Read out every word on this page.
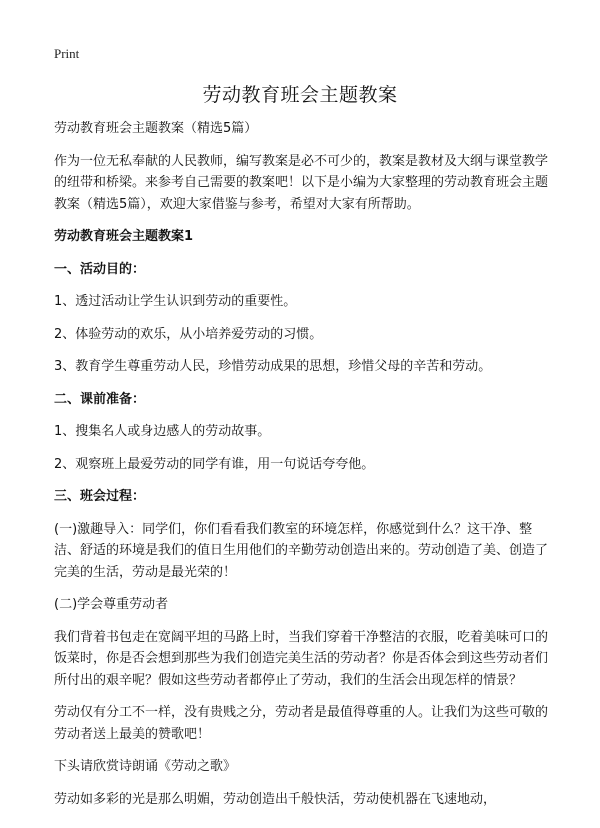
Print
劳动教育班会主题教案

劳动教育班会主题教案（精选5篇）

作为一位无私奉献的人民教师，编写教案是必不可少的，教案是教材及大纲与课堂教学的纽带和桥梁。来参考自己需要的教案吧！以下是小编为大家整理的劳动教育班会主题教案（精选5篇），欢迎大家借鉴与参考，希望对大家有所帮助。

劳动教育班会主题教案1

一、活动目的：

1、透过活动让学生认识到劳动的重要性。

2、体验劳动的欢乐，从小培养爱劳动的习惯。

3、教育学生尊重劳动人民，珍惜劳动成果的思想，珍惜父母的辛苦和劳动。

二、课前准备：

1、搜集名人或身边感人的劳动故事。

2、观察班上最爱劳动的同学有谁，用一句说话夸夸他。

三、班会过程：

(一)激趣导入：同学们，你们看看我们教室的环境怎样，你感觉到什么？这干净、整洁、舒适的环境是我们的值日生用他们的辛勤劳动创造出来的。劳动创造了美、创造了完美的生活，劳动是最光荣的！

(二)学会尊重劳动者

我们背着书包走在宽阔平坦的马路上时，当我们穿着干净整洁的衣服，吃着美味可口的饭菜时，你是否会想到那些为我们创造完美生活的劳动者？你是否体会到这些劳动者们所付出的艰辛呢？假如这些劳动者都停止了劳动，我们的生活会出现怎样的情景？

劳动仅有分工不一样，没有贵贱之分，劳动者是最值得尊重的人。让我们为这些可敬的劳动者送上最美的赞歌吧！

下头请欣赏诗朗诵《劳动之歌》

劳动如多彩的光是那么明媚，劳动创造出千般快活，劳动使机器在飞速地动，
